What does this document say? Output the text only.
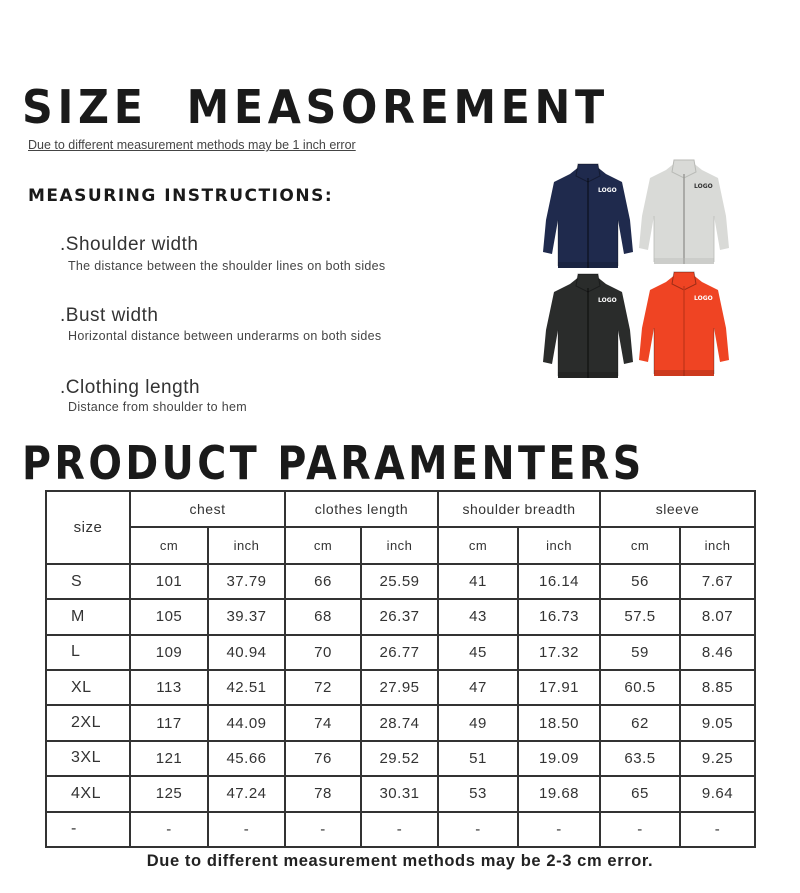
SIZE  MEASOREMENT
Due to different measurement methods may be 1 inch error
MEASURING INSTRUCTIONS:
.Shoulder width
The distance between the shoulder lines on both sides
.Bust width
Horizontal distance between underarms on both sides
.Clothing length
Distance from shoulder to hem
LOGO
LOGO
LOGO	LOGO
PRODUCT PARAMENTERS
size	chest		clothes length		shoulder breadth		sleeve	
	cm	inch	cm	inch	cm	inch	cm	inch
S	101	37.79	66	25.59	41	16.14	56	7.67
M	105	39.37	68	26.37	43	16.73	57.5	8.07
L	109	40.94	70	26.77	45	17.32	59	8.46
XL	113	42.51	72	27.95	47	17.91	60.5	8.85
2XL	117	44.09	74	28.74	49	18.50	62	9.05
3XL	121	45.66	76	29.52	51	19.09	63.5	9.25
4XL	125	47.24	78	30.31	53	19.68	65	9.64
-	-	-	-	-	-	-	-	-
Due to different measurement methods may be 2-3 cm error.
